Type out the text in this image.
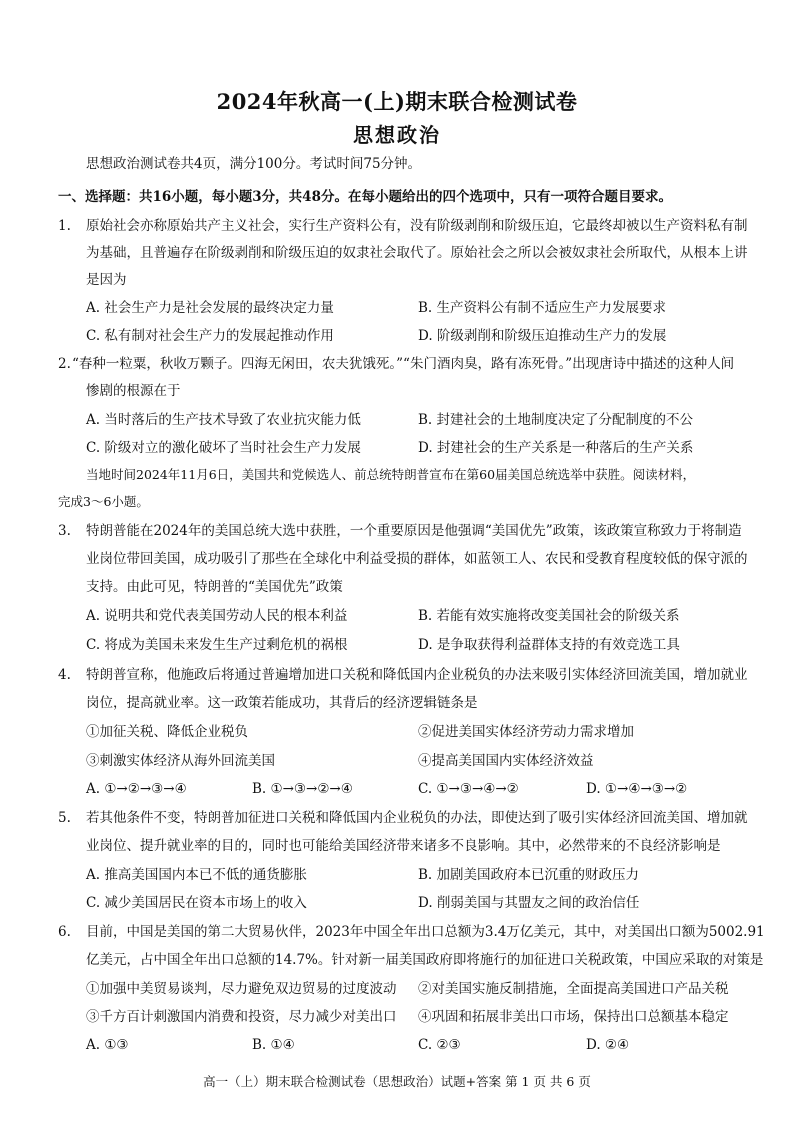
2024年秋高一(上)期末联合检测试卷
思想政治
思想政治测试卷共4页，满分100分。考试时间75分钟。
一、选择题：共16小题，每小题3分，共48分。在每小题给出的四个选项中，只有一项符合题目要求。
1. 原始社会亦称原始共产主义社会，实行生产资料公有，没有阶级剥削和阶级压迫，它最终却被以生产资料私有制
为基础，且普遍存在阶级剥削和阶级压迫的奴隶社会取代了。原始社会之所以会被奴隶社会所取代，从根本上讲
是因为
A. 社会生产力是社会发展的最终决定力量	B. 生产资料公有制不适应生产力发展要求
C. 私有制对社会生产力的发展起推动作用	D. 阶级剥削和阶级压迫推动生产力的发展
2. “春种一粒粟，秋收万颗子。四海无闲田，农夫犹饿死。”“朱门酒肉臭，路有冻死骨。”出现唐诗中描述的这种人间
惨剧的根源在于
A. 当时落后的生产技术导致了农业抗灾能力低	B. 封建社会的土地制度决定了分配制度的不公
C. 阶级对立的激化破坏了当时社会生产力发展	D. 封建社会的生产关系是一种落后的生产关系
当地时间2024年11月6日，美国共和党候选人、前总统特朗普宣布在第60届美国总统选举中获胜。阅读材料，
完成3～6小题。
3. 特朗普能在2024年的美国总统大选中获胜，一个重要原因是他强调“美国优先”政策，该政策宣称致力于将制造
业岗位带回美国，成功吸引了那些在全球化中利益受损的群体，如蓝领工人、农民和受教育程度较低的保守派的
支持。由此可见，特朗普的“美国优先”政策
A. 说明共和党代表美国劳动人民的根本利益	B. 若能有效实施将改变美国社会的阶级关系
C. 将成为美国未来发生生产过剩危机的祸根	D. 是争取获得利益群体支持的有效竞选工具
4. 特朗普宣称，他施政后将通过普遍增加进口关税和降低国内企业税负的办法来吸引实体经济回流美国，增加就业
岗位，提高就业率。这一政策若能成功，其背后的经济逻辑链条是
①加征关税、降低企业税负	②促进美国实体经济劳动力需求增加
③刺激实体经济从海外回流美国	④提高美国国内实体经济效益
A. ①→②→③→④	B. ①→③→②→④	C. ①→③→④→②	D. ①→④→③→②
5. 若其他条件不变，特朗普加征进口关税和降低国内企业税负的办法，即使达到了吸引实体经济回流美国、增加就
业岗位、提升就业率的目的，同时也可能给美国经济带来诸多不良影响。其中，必然带来的不良经济影响是
A. 推高美国国内本已不低的通货膨胀	B. 加剧美国政府本已沉重的财政压力
C. 减少美国居民在资本市场上的收入	D. 削弱美国与其盟友之间的政治信任
6. 目前，中国是美国的第二大贸易伙伴，2023年中国全年出口总额为3.4万亿美元，其中，对美国出口额为5002.91
亿美元，占中国全年出口总额的14.7%。针对新一届美国政府即将施行的加征进口关税政策，中国应采取的对策是
①加强中美贸易谈判，尽力避免双边贸易的过度波动 ②对美国实施反制措施，全面提高美国进口产品关税
③千方百计刺激国内消费和投资，尽力减少对美出口 ④巩固和拓展非美出口市场，保持出口总额基本稳定
A. ①③	B. ①④	C. ②③	D. ②④
高一（上）期末联合检测试卷（思想政治）试题+答案 第 1 页 共 6 页
